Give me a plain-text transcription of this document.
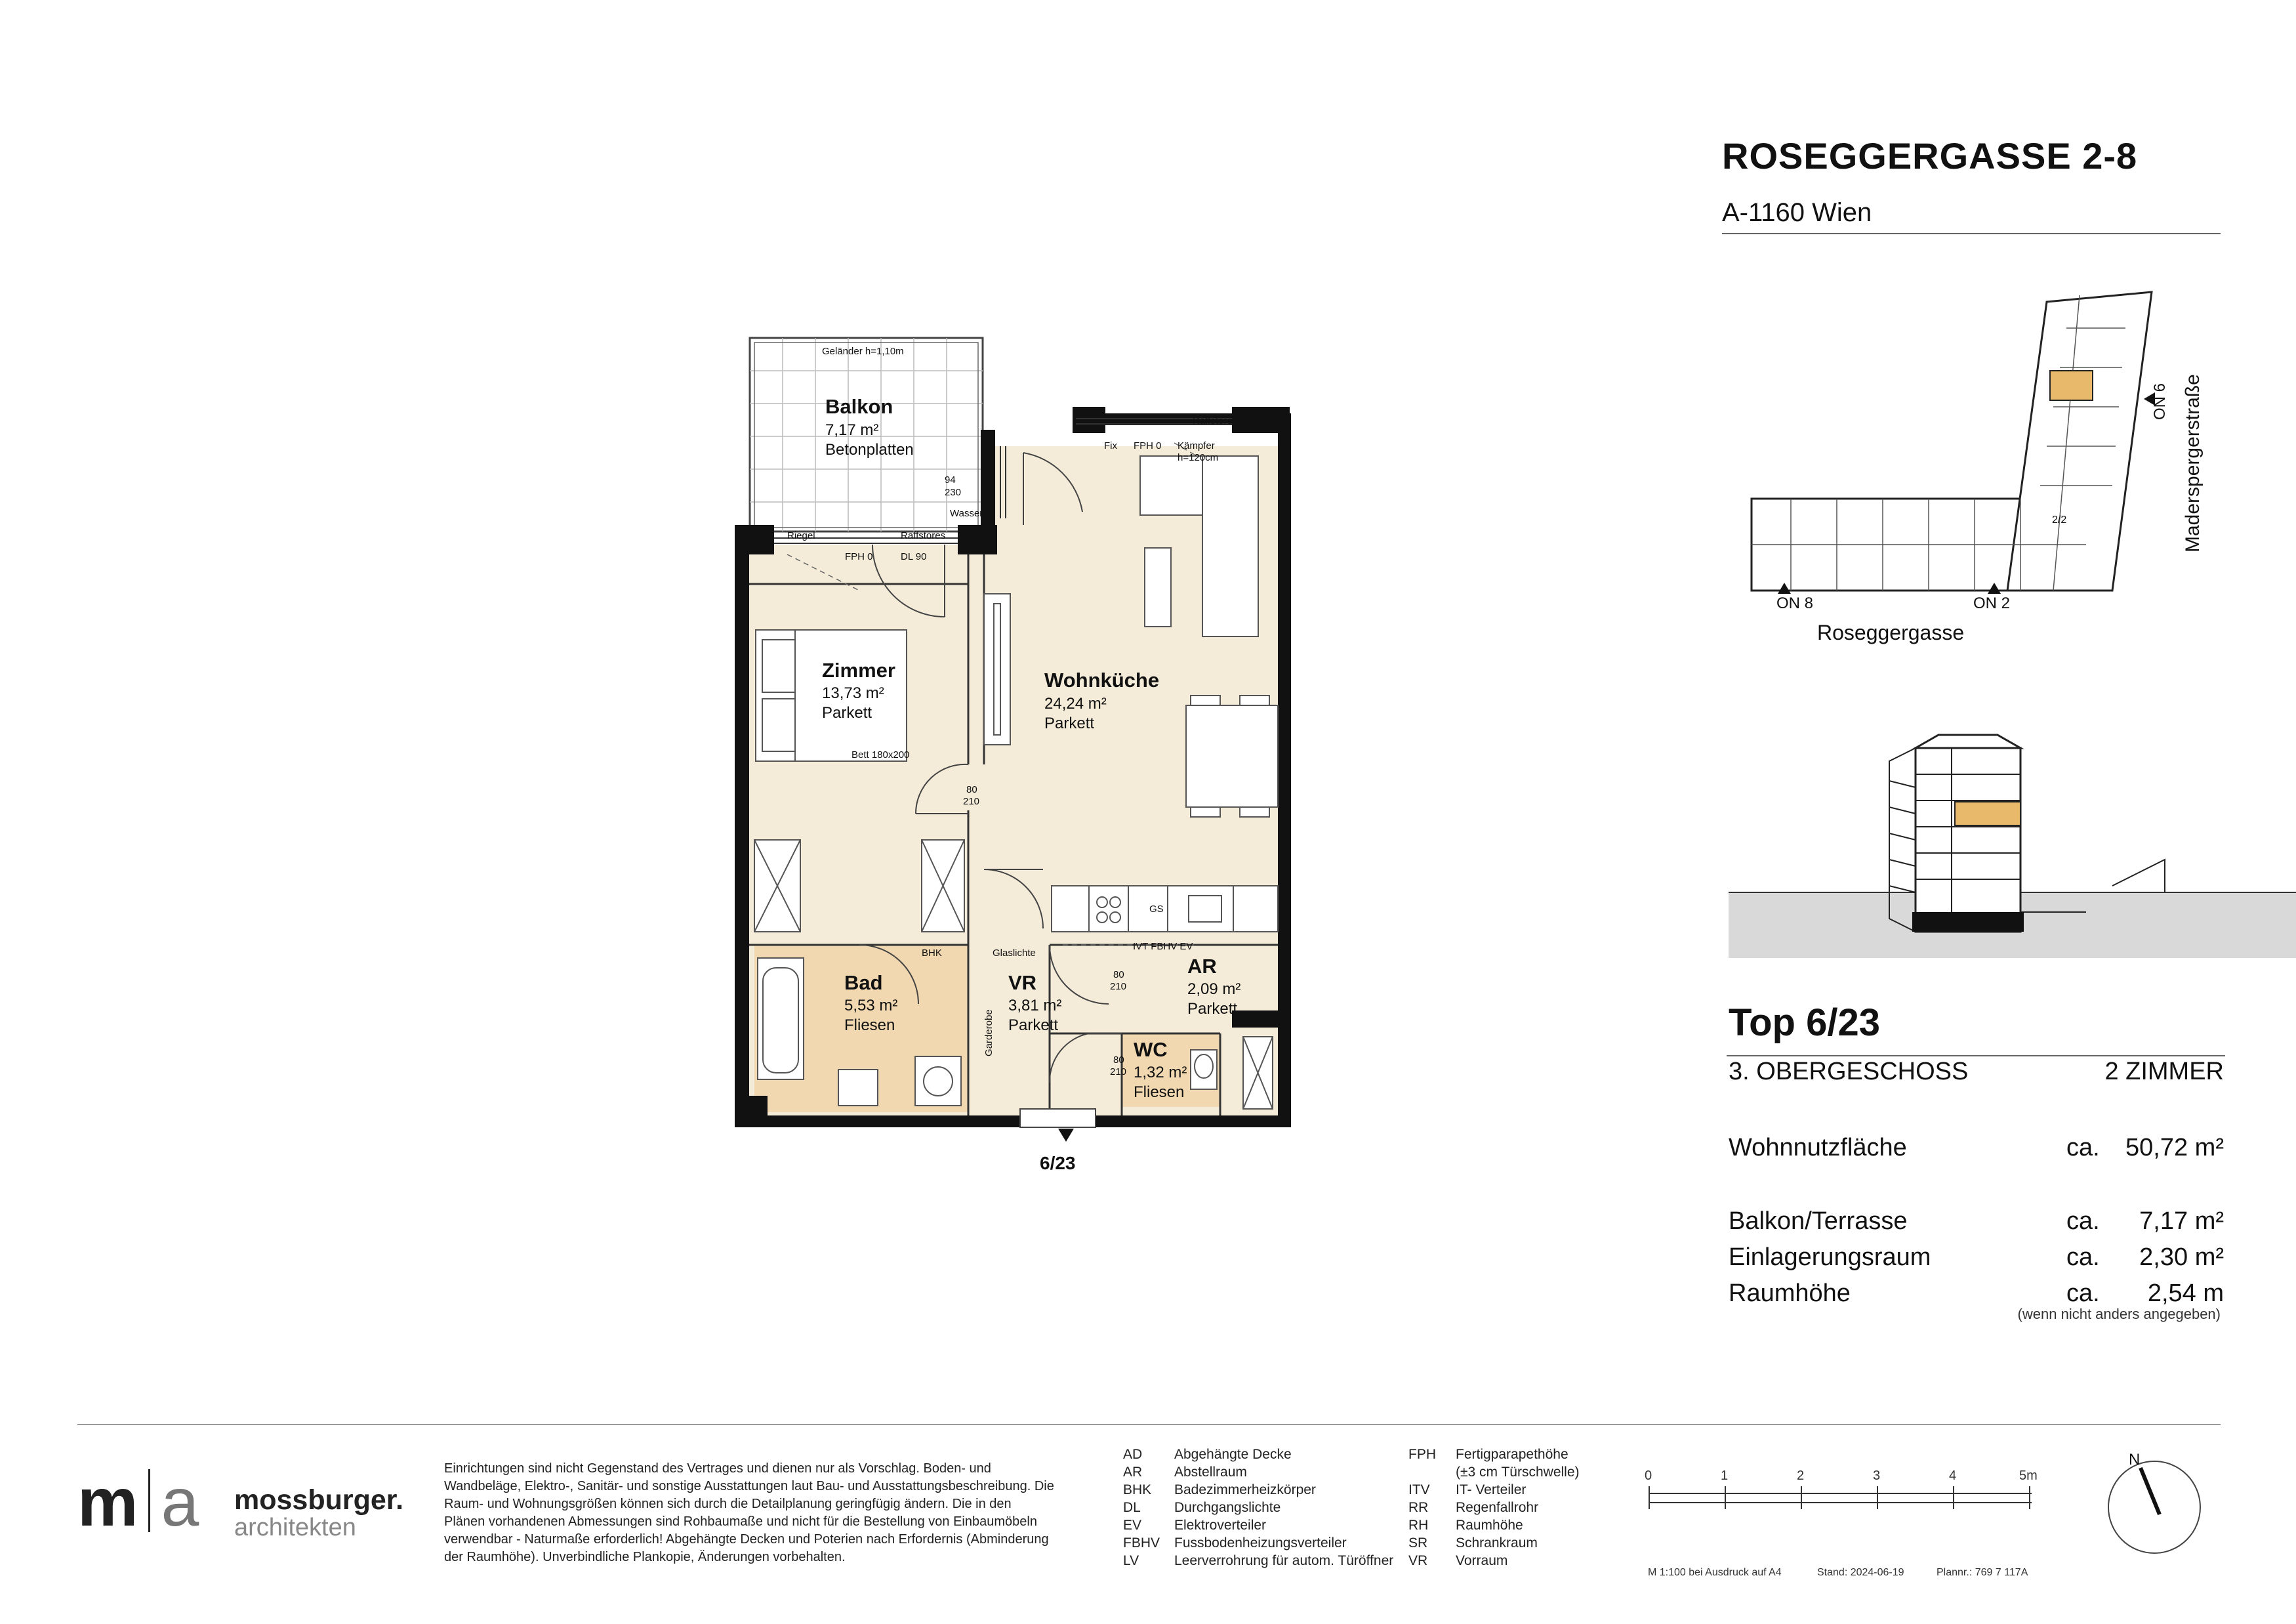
Balkon
7,17 m²
Betonplatten
Zimmer
13,73 m²
Parkett
Wohnküche
24,24 m²
Parkett
Bad
5,53 m²
Fliesen
VR
3,81 m²
Parkett
AR
2,09 m²
Parkett
WC
1,32 m²
Fliesen
Geländer h=1,10m
Riegel	Raffstores
FPH 0	DL 90
Wasser
94
230
Raffstores
Fix FPH 0 Kämpfer
h=120cm
Bett 180x200
80
210
GS
BHK	Glaslichte
IVT FBHV EV
80
210
80
210
Garderobe
6/23
ON 8	ON 2
ON 6
2/2
Roseggergasse
Maderspergerstraße
N
ROSEGGERGASSE 2-8
A-1160 Wien
Top 6/23
3. OBERGESCHOSS	2 ZIMMER
Wohnnutzfläche	ca. 50,72 m²
Balkon/Terrasse	ca.	7,17 m²
Einlagerungsraum	ca.	2,30 m²
Raumhöhe	ca.	2,54 m
(wenn nicht anders angegeben)
m a mossburger.
architekten
Einrichtungen sind nicht Gegenstand des Vertrages und dienen nur als Vorschlag. Boden- und Wandbeläge, Elektro-, Sanitär- und sonstige Ausstattungen laut Bau- und Ausstattungsbeschreibung. Die Raum- und Wohnungsgrößen können sich durch die Detailplanung geringfügig ändern. Die in den Plänen vorhandenen Abmessungen sind Rohbaumaße und nicht für die Bestellung von Einbaumöbeln verwendbar - Naturmaße erforderlich! Abgehängte Decken und Poterien nach Erfordernis (Abminderung der Raumhöhe). Unverbindliche Plankopie, Änderungen vorbehalten.
AD Abgehängte Decke
AR Abstellraum
BHK Badezimmerheizkörper
DL Durchgangslichte
EV Elektroverteiler
FBHV Fussbodenheizungsverteiler
LV	Leerverrohrung für autom. Türöffner
FPH Fertigparapethöhe
(±3 cm Türschwelle)
ITV IT- Verteiler
RR Regenfallrohr
RH Raumhöhe
SR Schrankraum
VR Vorraum
0	1	2	3	4	5m
M 1:100 bei Ausdruck auf A4	Stand: 2024-06-19	Plannr.: 769 7 117A
